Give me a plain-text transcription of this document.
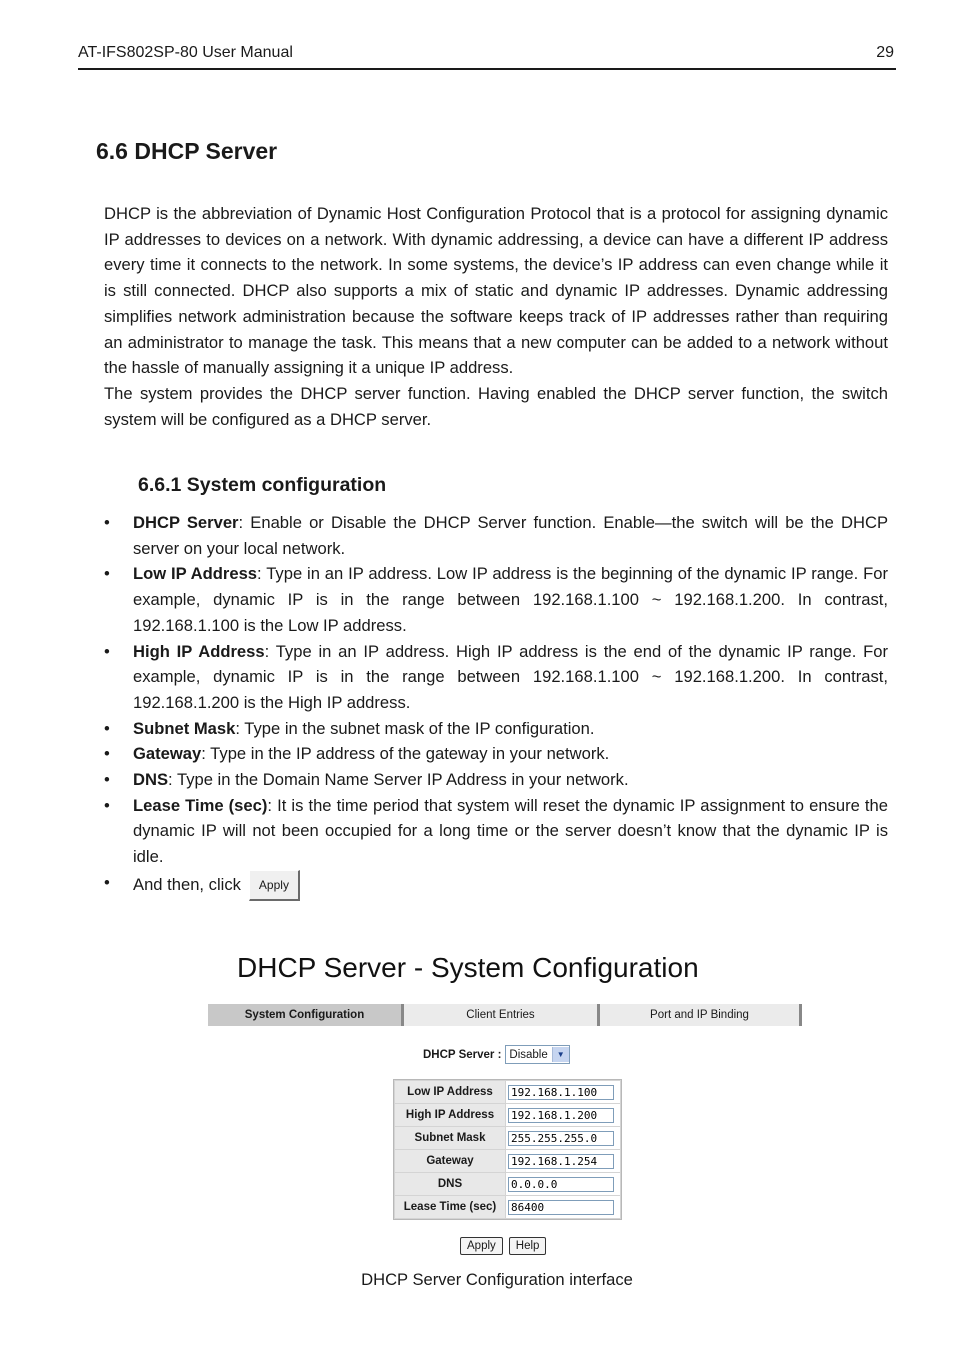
AT-IFS802SP-80 User Manual	29
6.6 DHCP Server

DHCP is the abbreviation of Dynamic Host Configuration Protocol that is a protocol for assigning dynamic IP addresses to devices on a network. With dynamic addressing, a device can have a different IP address every time it connects to the network. In some systems, the device’s IP address can even change while it is still connected. DHCP also supports a mix of static and dynamic IP addresses. Dynamic addressing simplifies network administration because the software keeps track of IP addresses rather than requiring an administrator to manage the task. This means that a new computer can be added to a network without the hassle of manually assigning it a unique IP address.

The system provides the DHCP server function. Having enabled the DHCP server function, the switch system will be configured as a DHCP server.

6.6.1 System configuration
• DHCP Server: Enable or Disable the DHCP Server function. Enable—the switch will be the DHCP server on your local network.
• Low IP Address: Type in an IP address. Low IP address is the beginning of the dynamic IP range. For example, dynamic IP is in the range between 192.168.1.100 ~ 192.168.1.200. In contrast, 192.168.1.100 is the Low IP address.
• High IP Address: Type in an IP address. High IP address is the end of the dynamic IP range. For example, dynamic IP is in the range between 192.168.1.100 ~ 192.168.1.200. In contrast, 192.168.1.200 is the High IP address.
• Subnet Mask: Type in the subnet mask of the IP configuration.
• Gateway: Type in the IP address of the gateway in your network.
• DNS: Type in the Domain Name Server IP Address in your network.
• Lease Time (sec): It is the time period that system will reset the dynamic IP assignment to ensure the dynamic IP will not been occupied for a long time or the server doesn’t know that the dynamic IP is idle.
• And then, click	Apply
DHCP Server - System Configuration
System Configuration	Client Entries	Port and IP Binding
DHCP Server : Disable	▼
Low IP Address	192.168.1.100
High IP Address	192.168.1.200
Subnet Mask	255.255.255.0
Gateway	192.168.1.254
DNS	0.0.0.0
Lease Time (sec)	86400
Apply	Help
DHCP Server Configuration interface
